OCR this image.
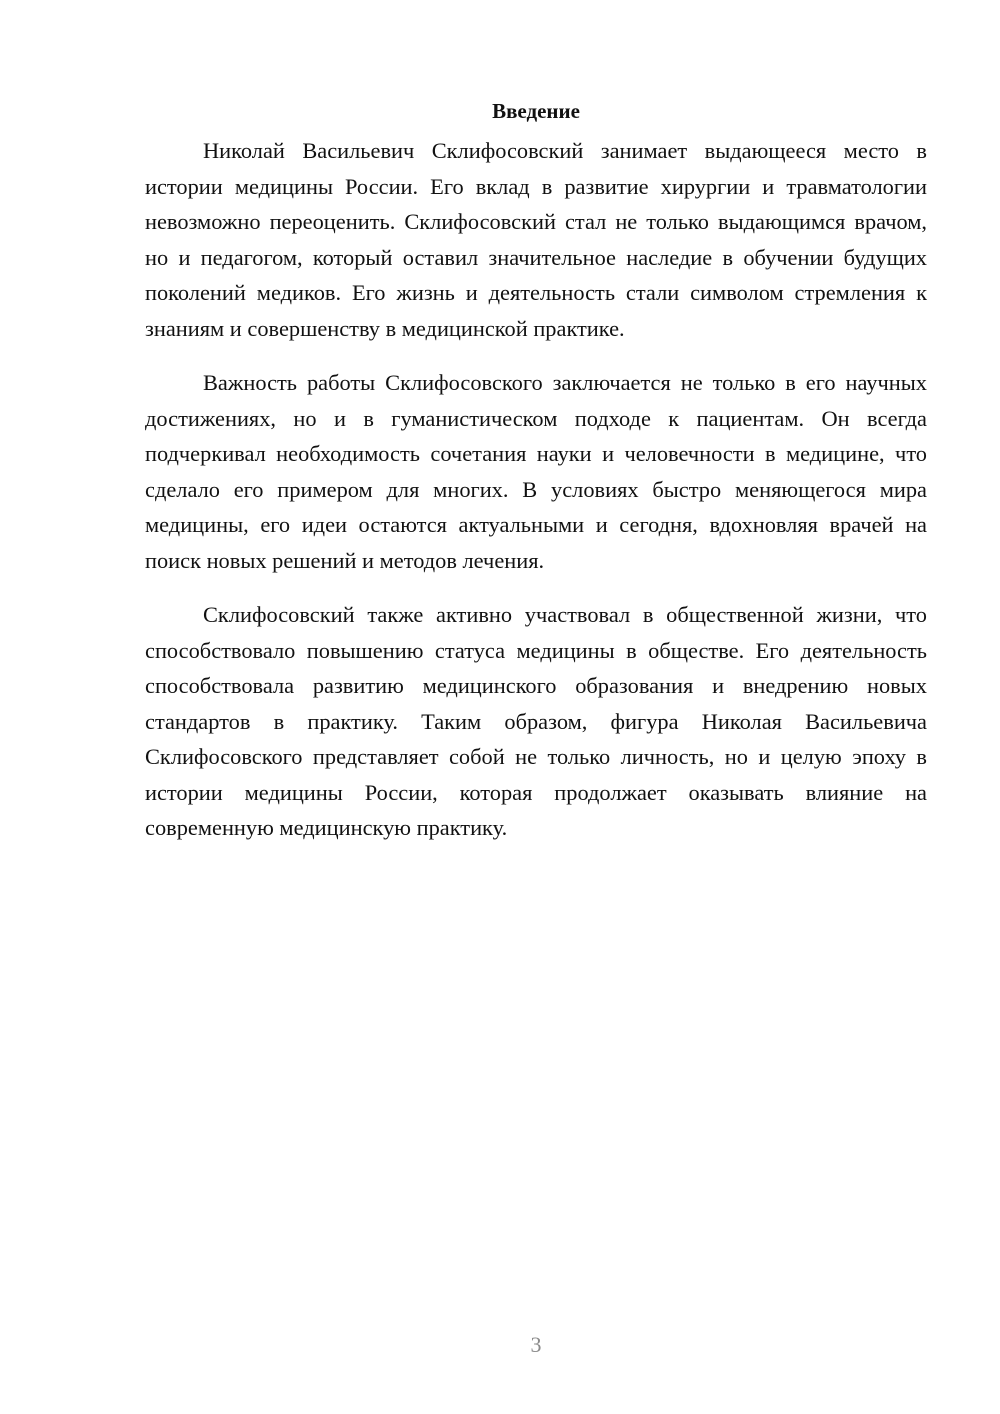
Введение

Николай Васильевич Склифосовский занимает выдающееся место в истории медицины России. Его вклад в развитие хирургии и травматологии невозможно переоценить. Склифосовский стал не только выдающимся врачом, но и педагогом, который оставил значительное наследие в обучении будущих поколений медиков. Его жизнь и деятельность стали символом стремления к знаниям и совершенству в медицинской практике.

Важность работы Склифосовского заключается не только в его научных достижениях, но и в гуманистическом подходе к пациентам. Он всегда подчеркивал необходимость сочетания науки и человечности в медицине, что сделало его примером для многих. В условиях быстро меняющегося мира медицины, его идеи остаются актуальными и сегодня, вдохновляя врачей на поиск новых решений и методов лечения.

Склифосовский также активно участвовал в общественной жизни, что способствовало повышению статуса медицины в обществе. Его деятельность способствовала развитию медицинского образования и внедрению новых стандартов в практику. Таким образом, фигура Николая Васильевича Склифосовского представляет собой не только личность, но и целую эпоху в истории медицины России, которая продолжает оказывать влияние на современную медицинскую практику.

3
